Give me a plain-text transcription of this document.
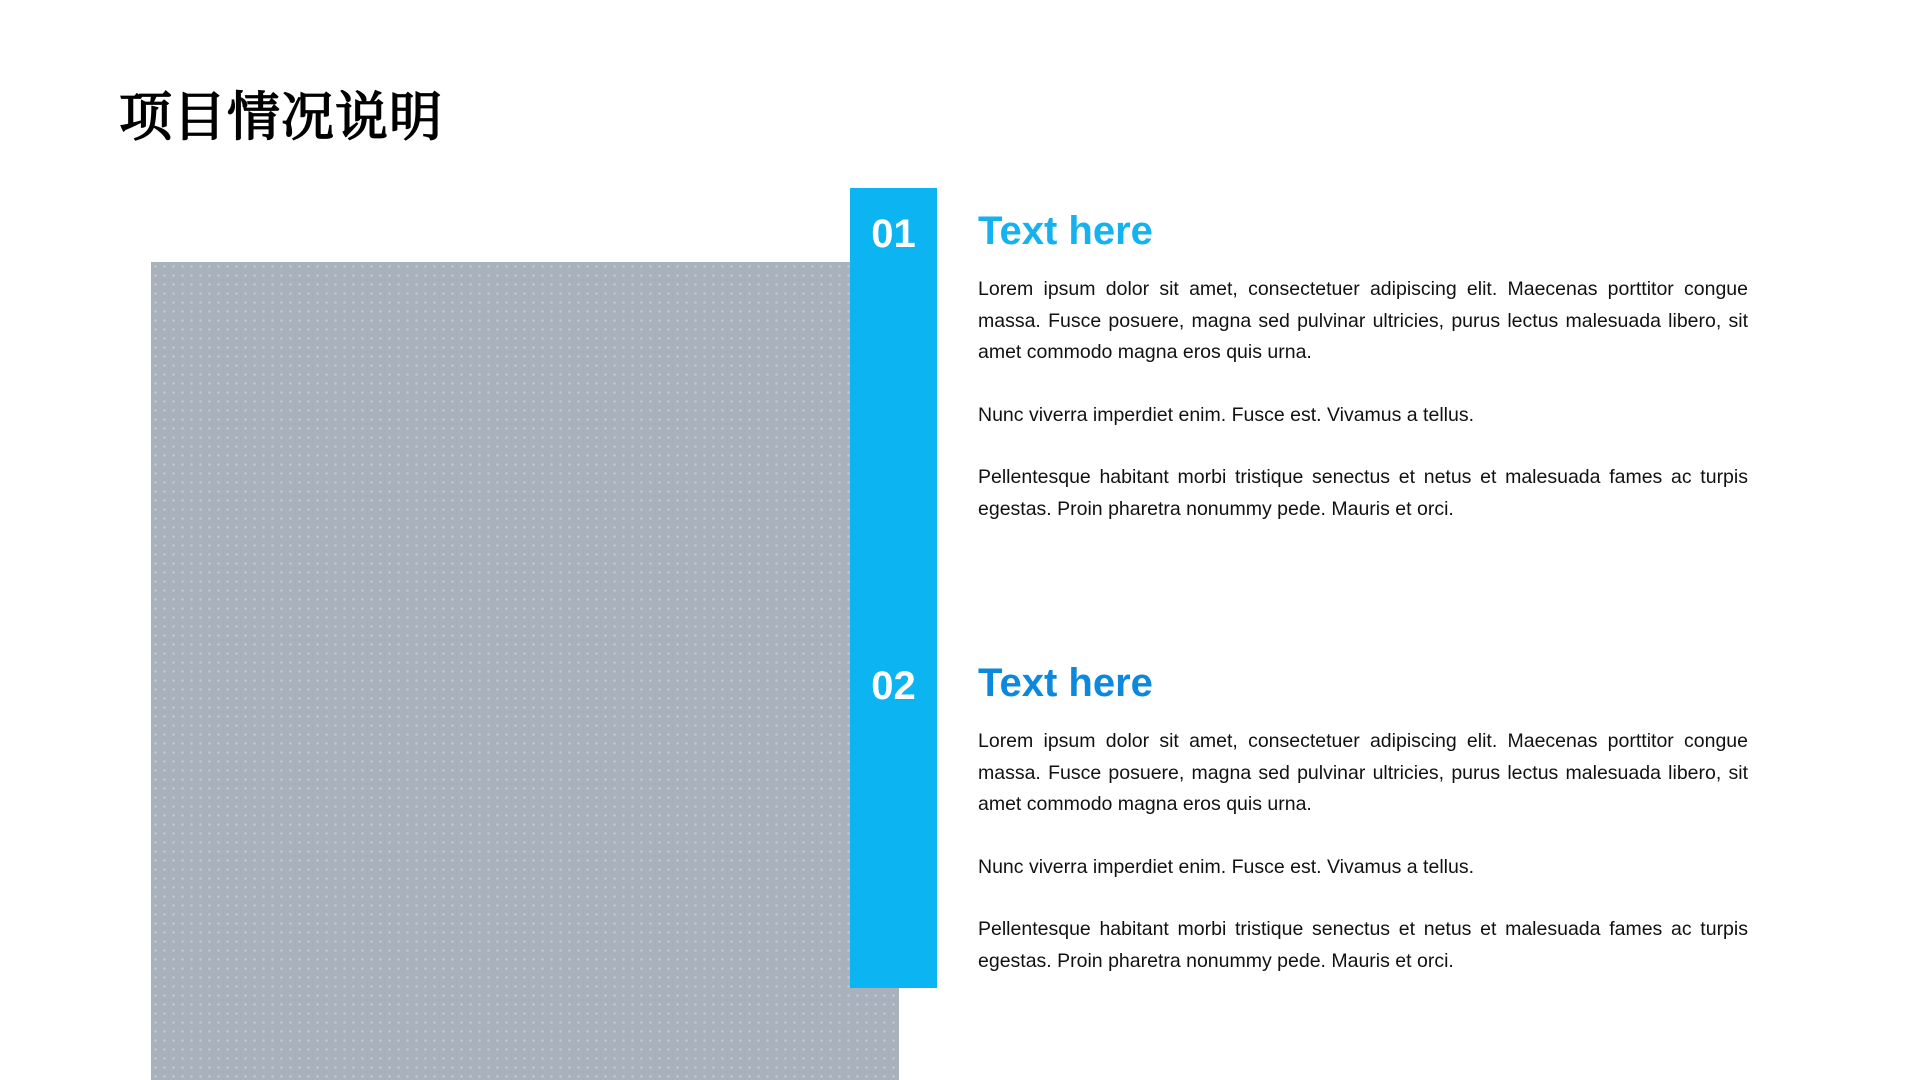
项目情况说明
01
02
Text here

Lorem ipsum dolor sit amet, consectetuer adipiscing elit. Maecenas porttitor congue massa. Fusce posuere, magna sed pulvinar ultricies, purus lectus malesuada libero, sit amet commodo magna eros quis urna.

Nunc viverra imperdiet enim. Fusce est. Vivamus a tellus.

Pellentesque habitant morbi tristique senectus et netus et malesuada fames ac turpis egestas. Proin pharetra nonummy pede. Mauris et orci.

Text here

Lorem ipsum dolor sit amet, consectetuer adipiscing elit. Maecenas porttitor congue massa. Fusce posuere, magna sed pulvinar ultricies, purus lectus malesuada libero, sit amet commodo magna eros quis urna.

Nunc viverra imperdiet enim. Fusce est. Vivamus a tellus.

Pellentesque habitant morbi tristique senectus et netus et malesuada fames ac turpis egestas. Proin pharetra nonummy pede. Mauris et orci.
